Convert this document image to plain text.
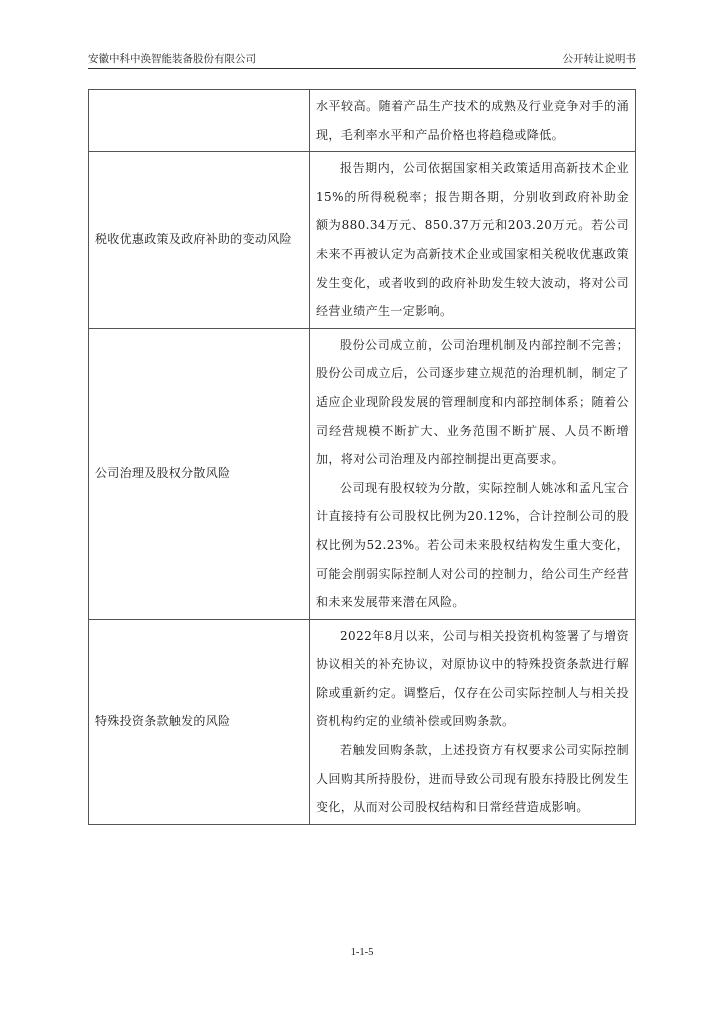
安徽中科中涣智能装备股份有限公司	公开转让说明书

	水平较高。随着产品生产技术的成熟及行业竞争对手的涌现，毛利率水平和产品价格也将趋稳或降低。

税收优惠政策及政府补助的变动风险	报告期内，公司依据国家相关政策适用高新技术企业15%的所得税税率；报告期各期，分别收到政府补助金额为880.34万元、850.37万元和203.20万元。若公司未来不再被认定为高新技术企业或国家相关税收优惠政策发生变化，或者收到的政府补助发生较大波动，将对公司经营业绩产生一定影响。

公司治理及股权分散风险	股份公司成立前，公司治理机制及内部控制不完善；股份公司成立后，公司逐步建立规范的治理机制，制定了适应企业现阶段发展的管理制度和内部控制体系；随着公司经营规模不断扩大、业务范围不断扩展、人员不断增加，将对公司治理及内部控制提出更高要求。

公司现有股权较为分散，实际控制人姚冰和孟凡宝合计直接持有公司股权比例为20.12%，合计控制公司的股权比例为52.23%。若公司未来股权结构发生重大变化，可能会削弱实际控制人对公司的控制力，给公司生产经营和未来发展带来潜在风险。

特殊投资条款触发的风险	2022年8月以来，公司与相关投资机构签署了与增资协议相关的补充协议，对原协议中的特殊投资条款进行解除或重新约定。调整后，仅存在公司实际控制人与相关投资机构约定的业绩补偿或回购条款。

若触发回购条款，上述投资方有权要求公司实际控制人回购其所持股份，进而导致公司现有股东持股比例发生变化，从而对公司股权结构和日常经营造成影响。

1-1-5
